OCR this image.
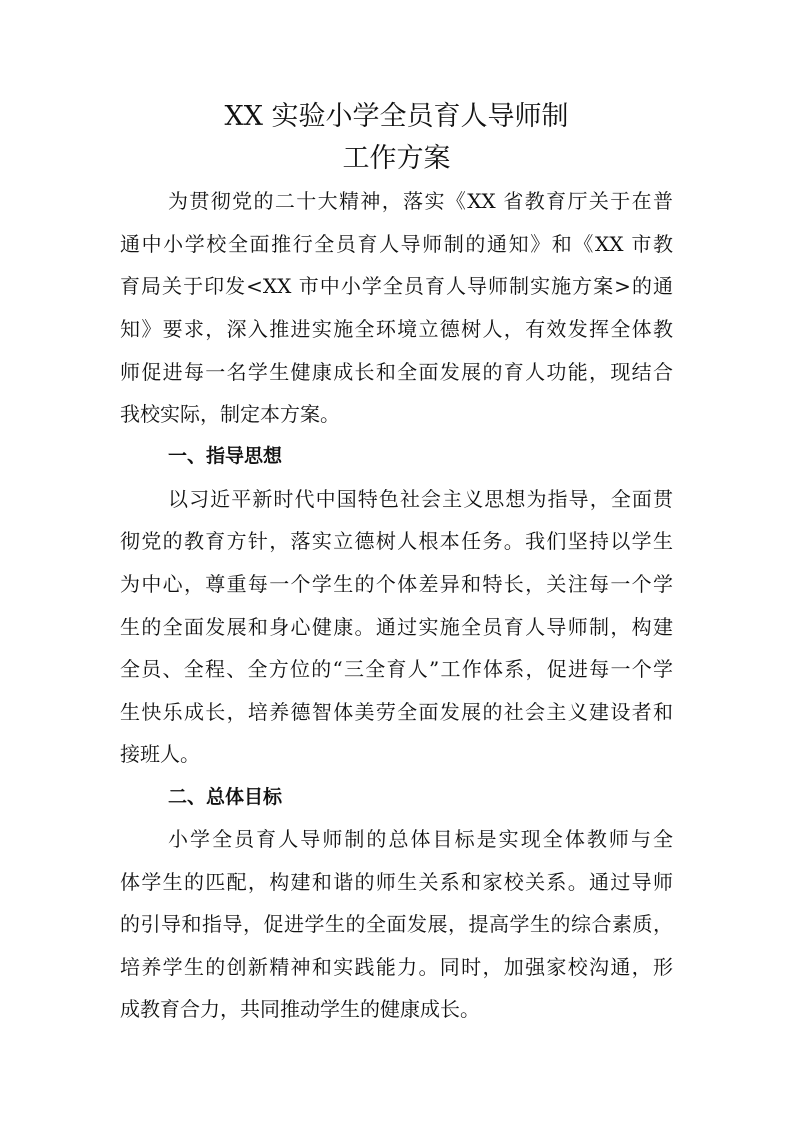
XX 实验小学全员育人导师制
工作方案

为贯彻党的二十大精神，落实《XX 省教育厅关于在普

通中小学校全面推行全员育人导师制的通知》和《XX 市教

育局关于印发<XX 市中小学全员育人导师制实施方案>的通

知》要求，深入推进实施全环境立德树人，有效发挥全体教

师促进每一名学生健康成长和全面发展的育人功能，现结合

我校实际，制定本方案。

一、指导思想

以习近平新时代中国特色社会主义思想为指导，全面贯

彻党的教育方针，落实立德树人根本任务。我们坚持以学生

为中心，尊重每一个学生的个体差异和特长，关注每一个学

生的全面发展和身心健康。通过实施全员育人导师制，构建

全员、全程、全方位的“三全育人”工作体系，促进每一个学

生快乐成长，培养德智体美劳全面发展的社会主义建设者和

接班人。

二、总体目标

小学全员育人导师制的总体目标是实现全体教师与全

体学生的匹配，构建和谐的师生关系和家校关系。通过导师

的引导和指导，促进学生的全面发展，提高学生的综合素质，

培养学生的创新精神和实践能力。同时，加强家校沟通，形

成教育合力，共同推动学生的健康成长。
